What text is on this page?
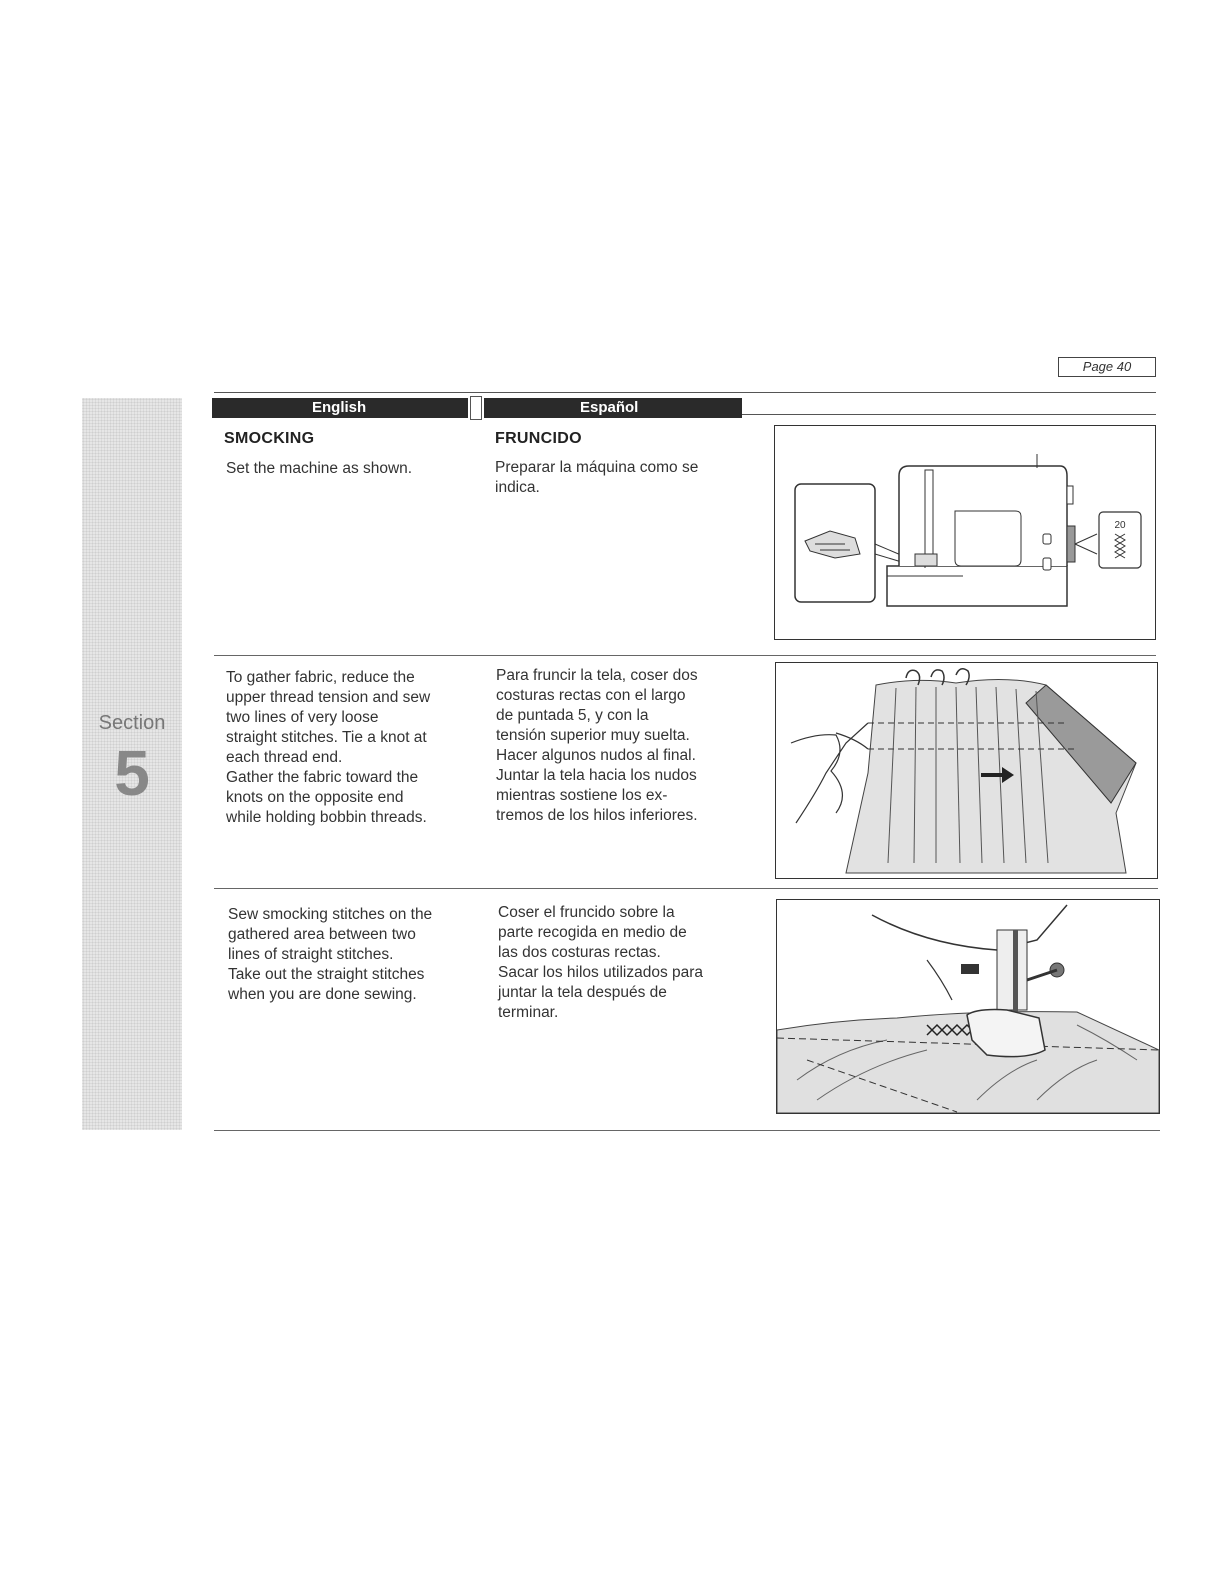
Page 40
Section
5
English	Español
SMOCKING	FRUNCIDO
Set the machine as shown.	Preparar la máquina como se
indica.
20
To gather fabric, reduce the
upper thread tension and sew
two lines of very loose
straight stitches. Tie a knot at
each thread end.
Gather the fabric toward the
knots on the opposite end
while holding bobbin threads.
Para fruncir la tela, coser dos
costuras rectas con el largo
de puntada 5, y con la
tensión superior muy suelta.
Hacer algunos nudos al final.
Juntar la tela hacia los nudos
mientras sostiene los ex-
tremos de los hilos inferiores.
Sew smocking stitches on the
gathered area between two
lines of straight stitches.
Take out the straight stitches
when you are done sewing.
Coser el fruncido sobre la
parte recogida en medio de
las dos costuras rectas.
Sacar los hilos utilizados para
juntar la tela después de
terminar.
